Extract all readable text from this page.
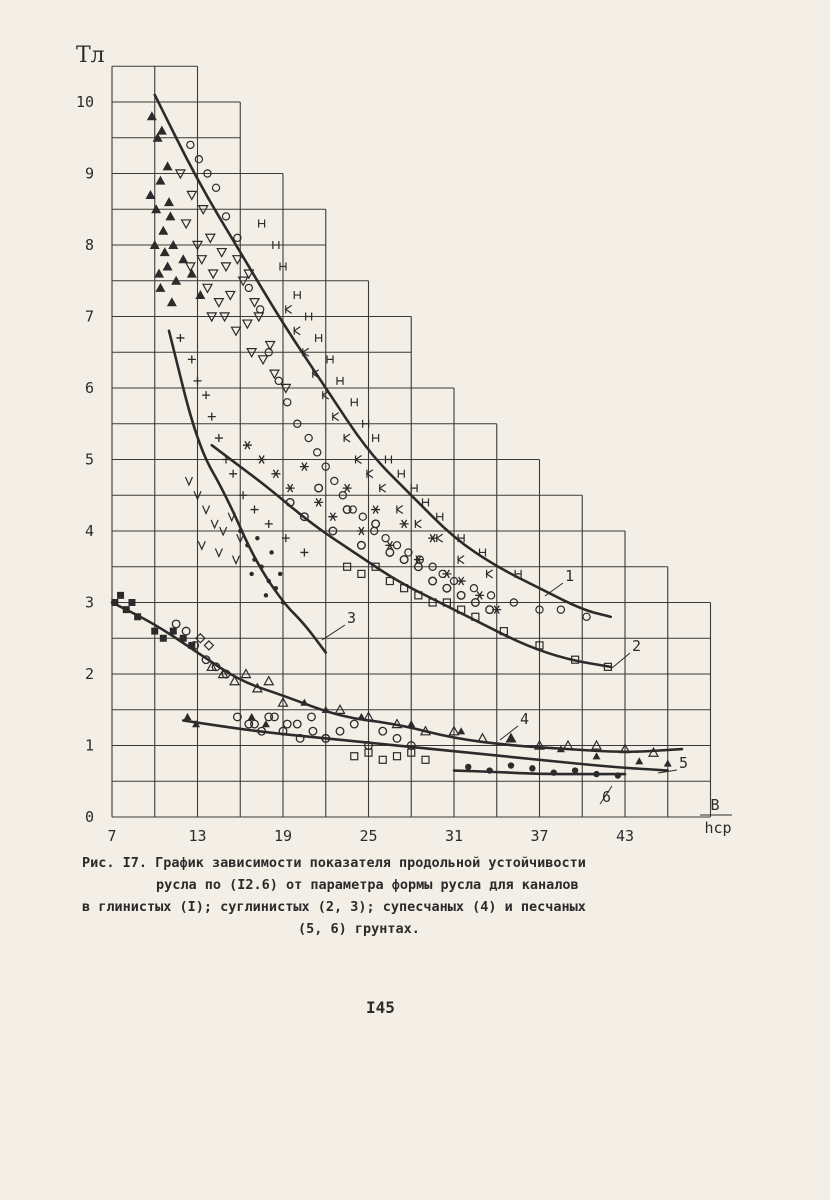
0
1
2
3
4
5
6
7
8
9
10
7	13	19	25	31	37	43
Тл
B
hср
1
2
3
4
5
6
Рис. I7. График зависимости показателя продольной устойчивости
русла по (I2.6) от параметра формы русла для каналов
в глинистых (I); суглинистых (2, 3); супесчаных (4) и песчаных
(5, 6) грунтах.
I45
